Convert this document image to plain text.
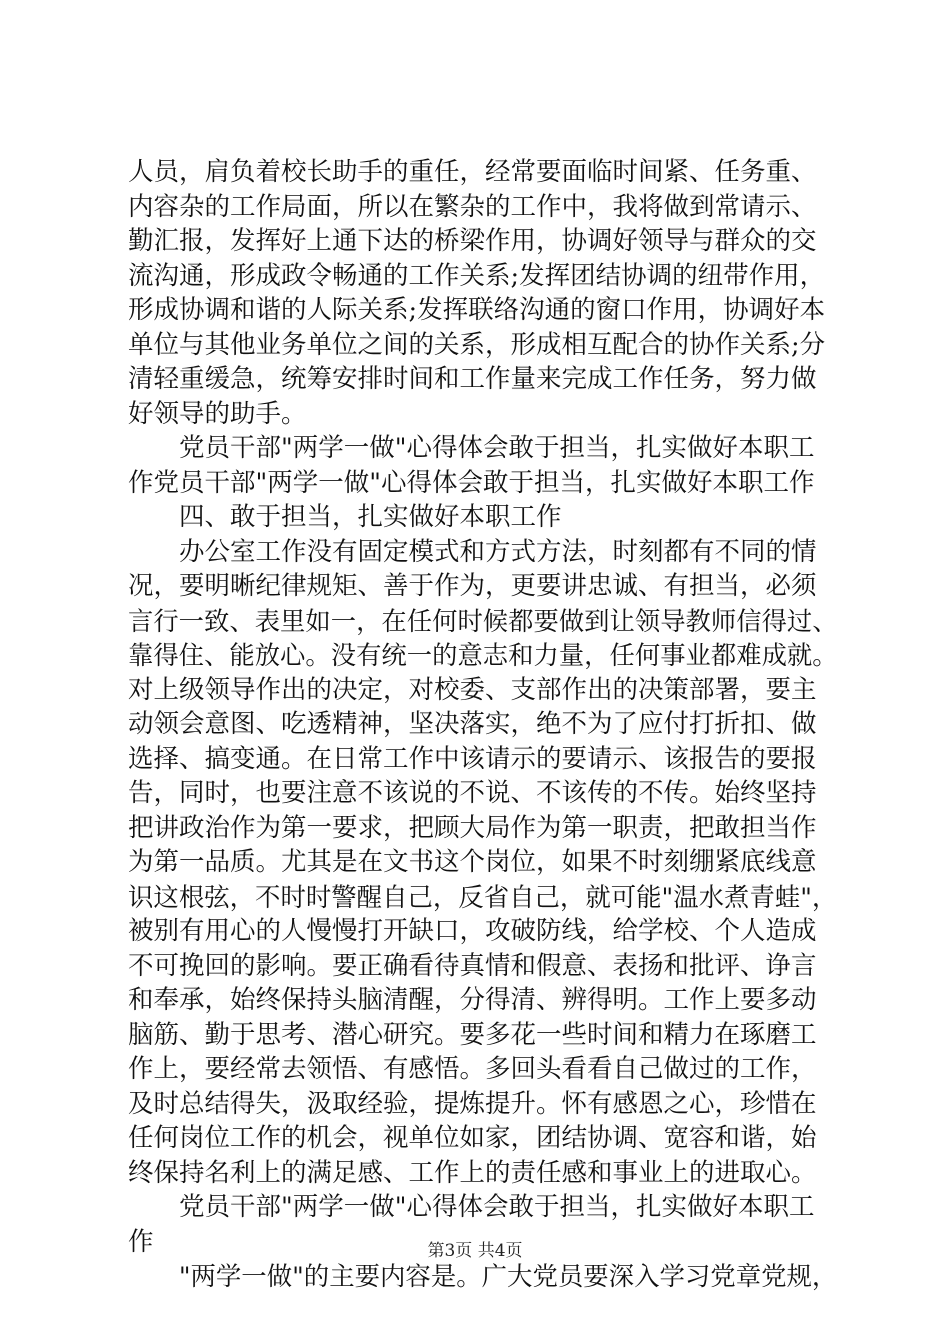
人员，肩负着校长助手的重任，经常要面临时间紧、任务重、
内容杂的工作局面，所以在繁杂的工作中，我将做到常请示、
勤汇报，发挥好上通下达的桥梁作用，协调好领导与群众的交
流沟通，形成政令畅通的工作关系;发挥团结协调的纽带作用，
形成协调和谐的人际关系;发挥联络沟通的窗口作用，协调好本
单位与其他业务单位之间的关系，形成相互配合的协作关系;分
清轻重缓急，统筹安排时间和工作量来完成工作任务，努力做
好领导的助手。
　　党员干部"两学一做"心得体会敢于担当，扎实做好本职工
作党员干部"两学一做"心得体会敢于担当，扎实做好本职工作
　　四、敢于担当，扎实做好本职工作
　　办公室工作没有固定模式和方式方法，时刻都有不同的情
况，要明晰纪律规矩、善于作为，更要讲忠诚、有担当，必须
言行一致、表里如一，在任何时候都要做到让领导教师信得过、
靠得住、能放心。没有统一的意志和力量，任何事业都难成就。
对上级领导作出的决定，对校委、支部作出的决策部署，要主
动领会意图、吃透精神，坚决落实，绝不为了应付打折扣、做
选择、搞变通。在日常工作中该请示的要请示、该报告的要报
告，同时，也要注意不该说的不说、不该传的不传。始终坚持
把讲政治作为第一要求，把顾大局作为第一职责，把敢担当作
为第一品质。尤其是在文书这个岗位，如果不时刻绷紧底线意
识这根弦，不时时警醒自己，反省自己，就可能"温水煮青蛙"，
被别有用心的人慢慢打开缺口，攻破防线，给学校、个人造成
不可挽回的影响。要正确看待真情和假意、表扬和批评、诤言
和奉承，始终保持头脑清醒，分得清、辨得明。工作上要多动
脑筋、勤于思考、潜心研究。要多花一些时间和精力在琢磨工
作上，要经常去领悟、有感悟。多回头看看自己做过的工作，
及时总结得失，汲取经验，提炼提升。怀有感恩之心，珍惜在
任何岗位工作的机会，视单位如家，团结协调、宽容和谐，始
终保持名利上的满足感、工作上的责任感和事业上的进取心。
　　党员干部"两学一做"心得体会敢于担当，扎实做好本职工
作
　　"两学一做"的主要内容是。广大党员要深入学习党章党规，
第3页 共4页
